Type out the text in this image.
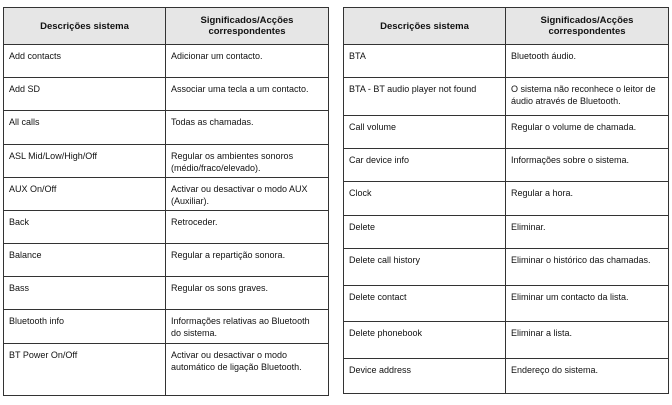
Descrições sistema	Significados/Acções correspondentes

Add contacts	Adicionar um contacto.

Add SD	Associar uma tecla a um contacto.

All calls	Todas as chamadas.

ASL Mid/Low/High/Off	Regular os ambientes sonoros (médio/fraco/elevado).

AUX On/Off	Activar ou desactivar o modo AUX (Auxiliar).

Back	Retroceder.

Balance	Regular a repartição sonora.

Bass	Regular os sons graves.

Bluetooth info	Informações relativas ao Bluetooth do sistema.

BT Power On/Off	Activar ou desactivar o modo automático de ligação Bluetooth.
Descrições sistema	Significados/Acções correspondentes

BTA	Bluetooth áudio.

BTA - BT audio player not found	O sistema não reconhece o leitor de áudio através de Bluetooth.

Call volume	Regular o volume de chamada.

Car device info	Informações sobre o sistema.

Clock	Regular a hora.

Delete	Eliminar.

Delete call history	Eliminar o histórico das chamadas.

Delete contact	Eliminar um contacto da lista.

Delete phonebook	Eliminar a lista.

Device address	Endereço do sistema.
